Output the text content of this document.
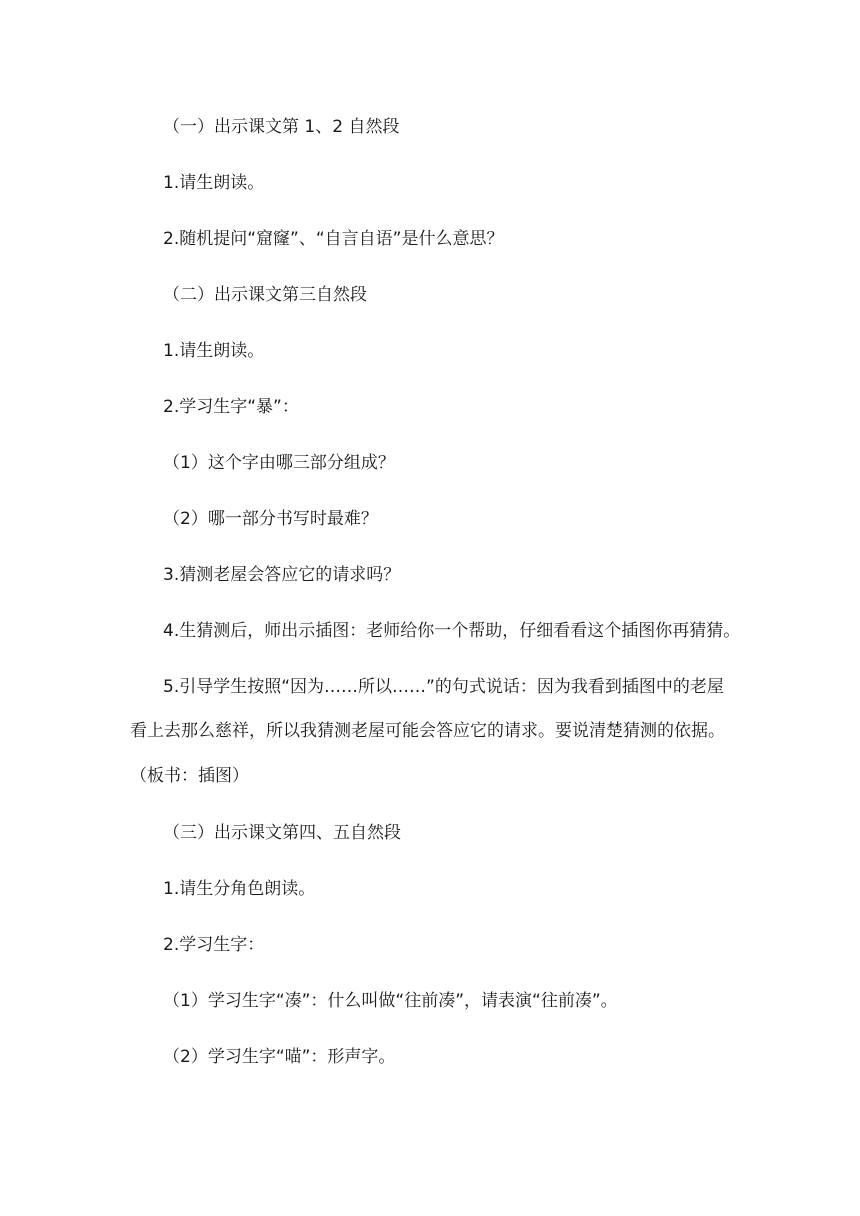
（一）出示课文第 1、2 自然段
1.请生朗读。
2.随机提问“窟窿”、“自言自语”是什么意思？
（二）出示课文第三自然段
1.请生朗读。
2.学习生字“暴”：
（1）这个字由哪三部分组成？
（2）哪一部分书写时最难？
3.猜测老屋会答应它的请求吗？
4.生猜测后，师出示插图：老师给你一个帮助，仔细看看这个插图你再猜猜。
5.引导学生按照“因为……所以……”的句式说话：因为我看到插图中的老屋
看上去那么慈祥，所以我猜测老屋可能会答应它的请求。要说清楚猜测的依据。
（板书：插图）
（三）出示课文第四、五自然段
1.请生分角色朗读。
2.学习生字：
（1）学习生字“凑”：什么叫做“往前凑”，请表演“往前凑”。
（2）学习生字“喵”：形声字。
